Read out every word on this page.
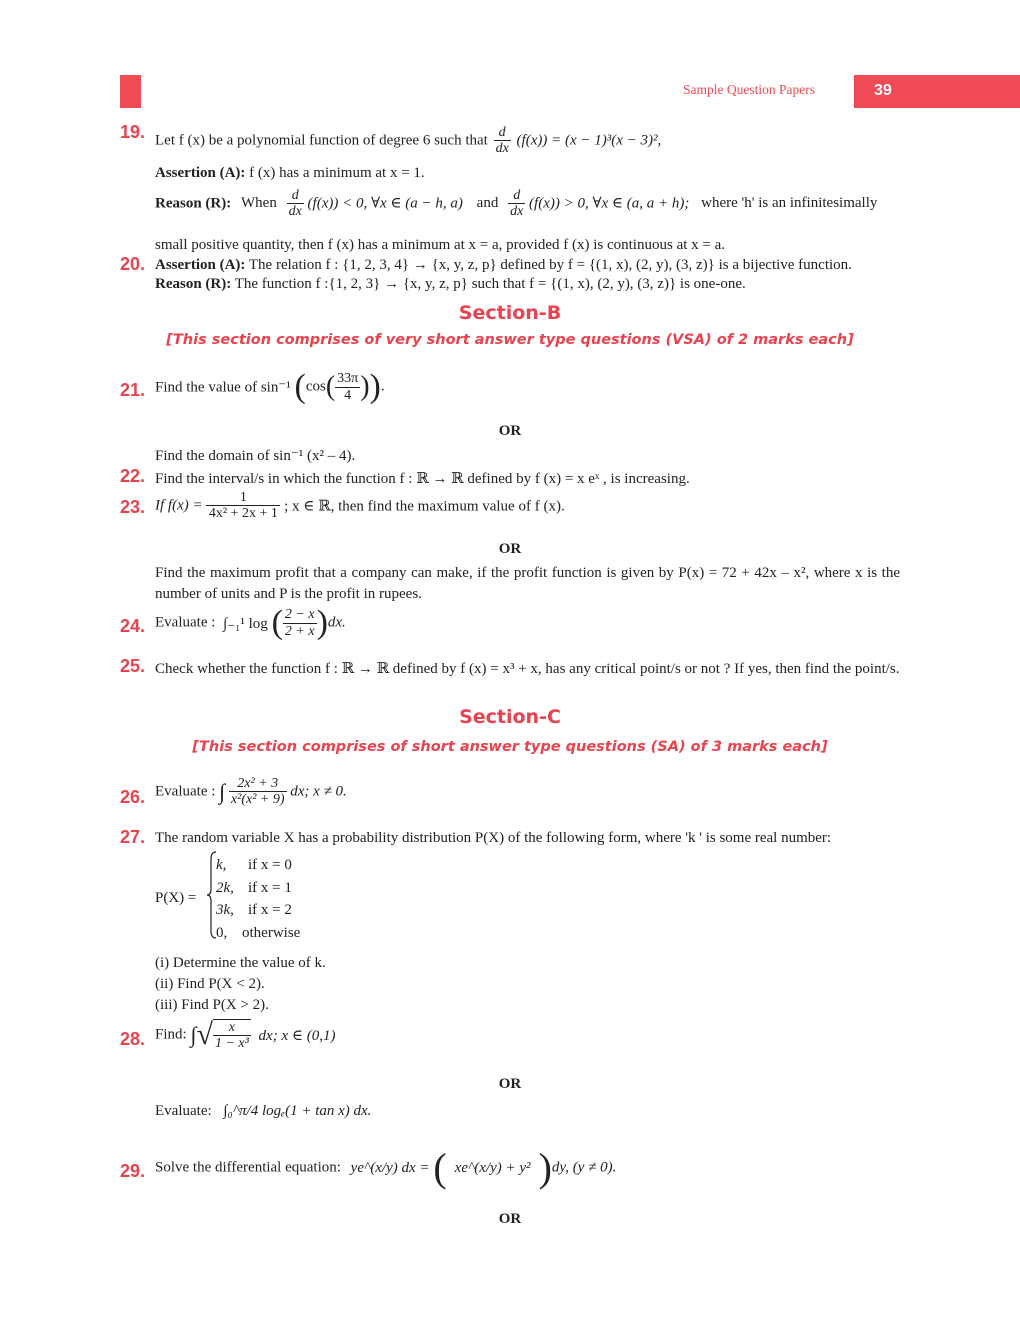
Sample Question Papers	39
19. Let f (x) be a polynomial function of degree 6 such that $\frac{d}{dx} (f(x)) = (x - 1)^3(x - 3)^2$,
Assertion (A): f (x) has a minimum at x = 1.
Reason (R): When $\frac{d}{dx} (f(x)) < 0$, ∀x ∈ (a − h, a) and $\frac{d}{dx} (f(x)) > 0$, ∀x ∈ (a, a + h); where 'h' is an infinitesimally
small positive quantity, then f (x) has a minimum at x = a, provided f (x) is continuous at x = a.
20. Assertion (A): The relation f : {1, 2, 3, 4} → {x, y, z, p} defined by f = {(1, x), (2, y), (3, z)} is a bijective function.
Reason (R): The function f :{1, 2, 3} → {x, y, z, p} such that f = {(1, x), (2, y), (3, z)} is one-one.
Section-B
[This section comprises of very short answer type questions (VSA) of 2 marks each]
21. Find the value of sin⁻¹ ($\cos( \frac{33\pi}{4}$ )).
OR
Find the domain of sin⁻¹ (x² – 4).
22. Find the interval/s in which the function f : ℝ → ℝ defined by f (x) = x eˣ , is increasing.
23. If $f(x) = \frac{1}{\text{4x² + 2x + 1}}$ ; x ∈ ℝ, then find the maximum value of f (x).
OR
Find the maximum profit that a company can make, if the profit function is given by P(x) = 72 + 42x – x², where x is the number of units and P is the profit in rupees.
24. Evaluate : ∫₋₁¹ log ( $\frac{2 - x}{2 + x} )dx$.
25. Check whether the function f : ℝ → ℝ defined by f (x) = x³ + x, has any critical point/s or not ? If yes, then find the point/s.
Section-C
[This section comprises of short answer type questions (SA) of 3 marks each]
26. Evaluate : ∫ $\frac{\text{2x² + 3}}{\text{x²(x² + 9)}}$ dx; x ≠ 0.
27. The random variable X has a probability distribution P(X) of the following form, where 'k ' is some real number:
P(X) =
k, if x = 0
2k, if x = 1
3k, if x = 2
0, otherwise
(i) Determine the value of k.
(ii) Find P(X < 2).
(iii) Find P(X > 2).
28. Find: ∫√ $\frac{x}{\text{1 − x³}}$ dx; x ∈ (0,1)
OR
Evaluate: ∫₀^π/4 logₑ(1 + tan x) dx.
29. Solve the differential equation: ye^(x/y) dx = ( xe^(x/y) + y² )dy, (y ≠ 0).
OR
